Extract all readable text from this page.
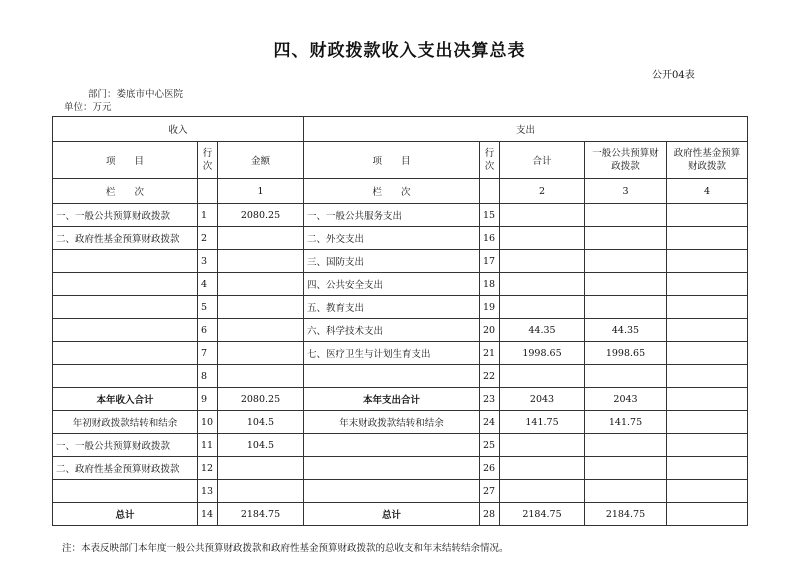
四、财政拨款收入支出决算总表
公开04表
部门：娄底市中心医院
单位：万元
收入			支出				
项　　目	行次	金额	项　　目	行次	合计	一般公共预算财政拨款	政府性基金预算财政拨款
栏　　次		1	栏　　次		2	3	4
一、一般公共预算财政拨款	1	2080.25	一、一般公共服务支出	15			
二、政府性基金预算财政拨款	2		二、外交支出	16			
	3		三、国防支出	17			
	4		四、公共安全支出	18			
	5		五、教育支出	19			
	6		六、科学技术支出	20	44.35	44.35	
	7		七、医疗卫生与计划生育支出	21	1998.65	1998.65	
	8			22			
本年收入合计	9	2080.25	本年支出合计	23	2043	2043	
年初财政拨款结转和结余	10	104.5	年末财政拨款结转和结余	24	141.75	141.75	
一、一般公共预算财政拨款	11	104.5		25			
二、政府性基金预算财政拨款	12			26			
	13			27			
总计	14	2184.75	总计	28	2184.75	2184.75	
注：本表反映部门本年度一般公共预算财政拨款和政府性基金预算财政拨款的总收支和年末结转结余情况。
